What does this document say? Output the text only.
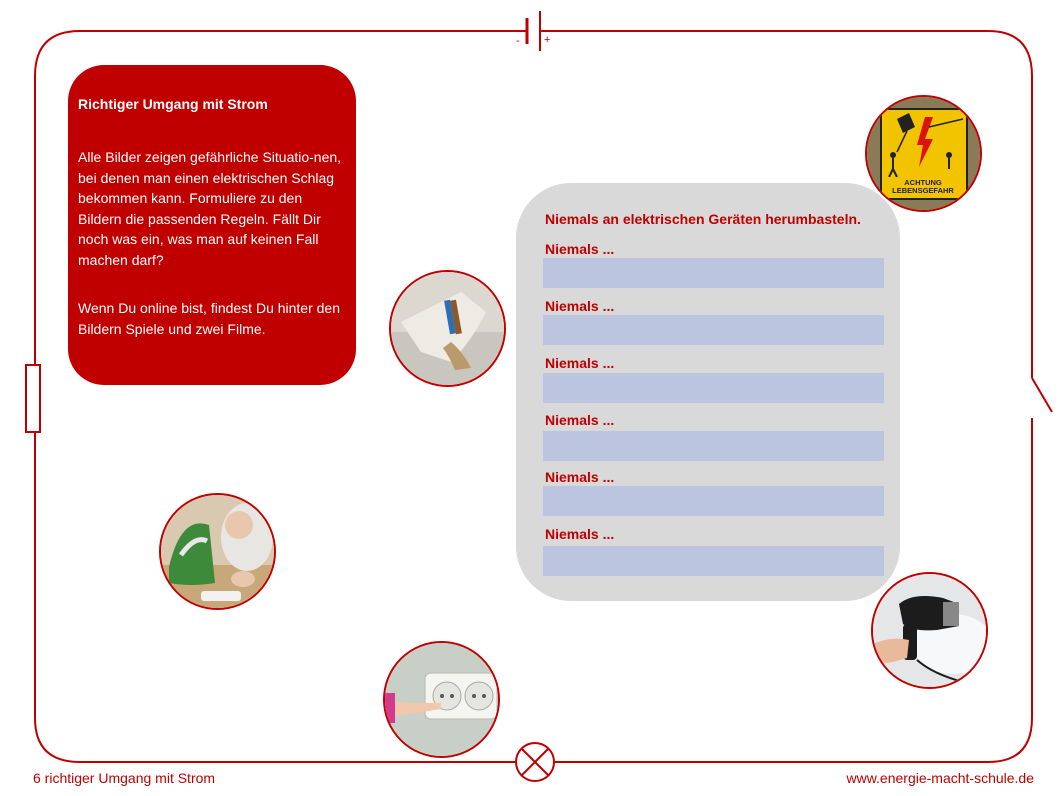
- +

Richtiger Umgang mit Strom

Alle Bilder zeigen gefährliche Situatio-nen, bei denen man einen elektrischen Schlag bekommen kann. Formuliere zu den Bildern die passenden Regeln. Fällt Dir noch was ein, was man auf keinen Fall machen darf?

Wenn Du online bist, findest Du hinter den Bildern Spiele und zwei Filme.

Niemals an elektrischen Geräten herumbasteln.
Niemals ...
Niemals ...
Niemals ...
Niemals ...
Niemals ...
Niemals ...
ACHTUNG
LEBENSGEFAHR
6 richtiger Umgang mit Strom	www.energie-macht-schule.de
